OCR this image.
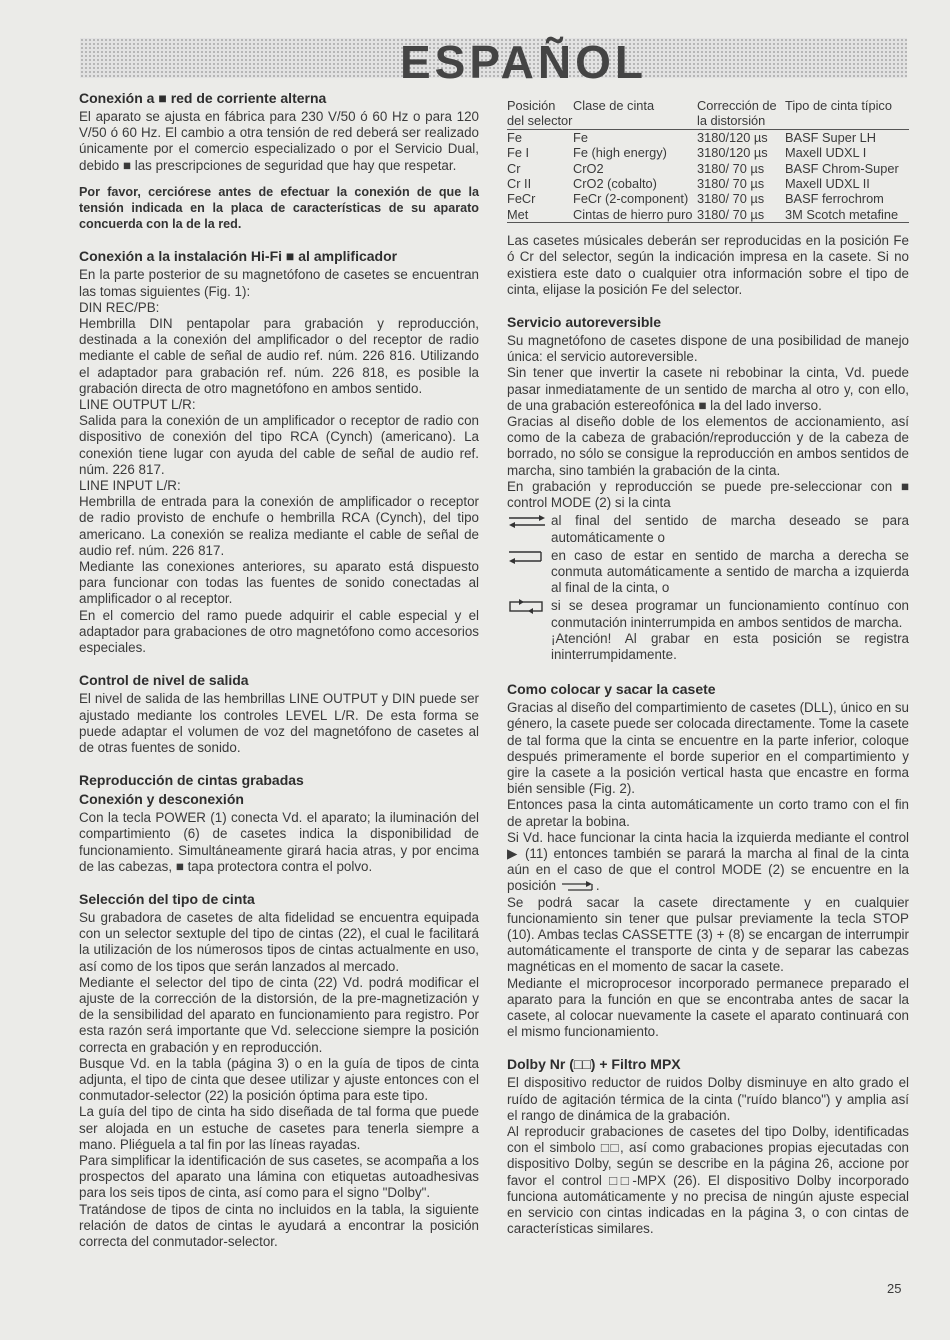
ESPAÑOL
Conexión a ■ red de corriente alterna

El aparato se ajusta en fábrica para 230 V/50 ó 60 Hz o para 120 V/50 ó 60 Hz. El cambio a otra tensión de red deberá ser realizado únicamente por el comercio especializado o por el Servicio Dual, debido ■ las prescripciones de seguridad que hay que respetar.

Por favor, cerciórese antes de efectuar la conexión de que la tensión indicada en la placa de características de su aparato concuerda con la de la red.

Conexión a la instalación Hi-Fi ■ al amplificador

En la parte posterior de su magnetófono de casetes se encuentran las tomas siguientes (Fig. 1):

DIN REC/PB:

Hembrilla DIN pentapolar para grabación y reproducción, destinada a la conexión del amplificador o del receptor de radio mediante el cable de señal de audio ref. núm. 226 816. Utilizando el adaptador para grabación ref. núm. 226 818, es posible la grabación directa de otro magnetófono en ambos sentido.

LINE OUTPUT L/R:

Salida para la conexión de un amplificador o receptor de radio con dispositivo de conexión del tipo RCA (Cynch) (americano). La conexión tiene lugar con ayuda del cable de señal de audio ref. núm. 226 817.

LINE INPUT L/R:

Hembrilla de entrada para la conexión de amplificador o receptor de radio provisto de enchufe o hembrilla RCA (Cynch), del tipo americano. La conexión se realiza mediante el cable de señal de audio ref. núm. 226 817.

Mediante las conexiones anteriores, su aparato está dispuesto para funcionar con todas las fuentes de sonido conectadas al amplificador o al receptor.

En el comercio del ramo puede adquirir el cable especial y el adaptador para grabaciones de otro magnetófono como accesorios especiales.

Control de nivel de salida

El nivel de salida de las hembrillas LINE OUTPUT y DIN puede ser ajustado mediante los controles LEVEL L/R. De esta forma se puede adaptar el volumen de voz del magnetófono de casetes al de otras fuentes de sonido.

Reproducción de cintas grabadas
Conexión y desconexión

Con la tecla POWER (1) conecta Vd. el aparato; la iluminación del compartimiento (6) de casetes indica la disponibilidad de funcionamiento. Simultáneamente girará hacia atras, y por encima de las cabezas, ■ tapa protectora contra el polvo.

Selección del tipo de cinta

Su grabadora de casetes de alta fidelidad se encuentra equipada con un selector sextuple del tipo de cintas (22), el cual le facilitará la utilización de los númerosos tipos de cintas actualmente en uso, así como de los tipos que serán lanzados al mercado.

Mediante el selector del tipo de cinta (22) Vd. podrá modificar el ajuste de la corrección de la distorsión, de la pre-magnetización y de la sensibilidad del aparato en funcionamiento para registro. Por esta razón será importante que Vd. seleccione siempre la posición correcta en grabación y en reproducción.

Busque Vd. en la tabla (página 3) o en la guía de tipos de cinta adjunta, el tipo de cinta que desee utilizar y ajuste entonces con el conmutador-selector (22) la posición óptima para este tipo.

La guía del tipo de cinta ha sido diseñada de tal forma que puede ser alojada en un estuche de casetes para tenerla siempre a mano. Pliéguela a tal fin por las líneas rayadas.

Para simplificar la identificación de sus casetes, se acompaña a los prospectos del aparato una lámina con etiquetas autoadhesivas para los seis tipos de cinta, así como para el signo "Dolby".

Tratándose de tipos de cinta no incluidos en la tabla, la siguiente relación de datos de cintas le ayudará a encontrar la posición correcta del conmutador-selector.

Posición del selector	Clase de cinta	Corrección de la distorsión	Tipo de cinta típico
Fe	Fe	3180/120 µs	BASF Super LH
Fe I	Fe (high energy)	3180/120 µs	Maxell UDXL I
Cr	CrO2	3180/ 70 µs	BASF Chrom-Super
Cr II	CrO2 (cobalto)	3180/ 70 µs	Maxell UDXL II
FeCr	FeCr (2-component)	3180/ 70 µs	BASF ferrochrom
Met	Cintas de hierro puro	3180/ 70 µs	3M Scotch metafine

Las casetes músicales deberán ser reproducidas en la posición Fe ó Cr del selector, según la indicación impresa en la casete. Si no existiera este dato o cualquier otra información sobre el tipo de cinta, elijase la posición Fe del selector.

Servicio autoreversible

Su magnetófono de casetes dispone de una posibilidad de manejo única: el servicio autoreversible.

Sin tener que invertir la casete ni rebobinar la cinta, Vd. puede pasar inmediatamente de un sentido de marcha al otro y, con ello, de una grabación estereofónica ■ la del lado inverso.

Gracias al diseño doble de los elementos de accionamiento, así como de la cabeza de grabación/reproducción y de la cabeza de borrado, no sólo se consigue la reproducción en ambos sentidos de marcha, sino también la grabación de la cinta.

En grabación y reproducción se puede pre-seleccionar con ■ control MODE (2) si la cinta

al final del sentido de marcha deseado se para automáticamente o

en caso de estar en sentido de marcha a derecha se conmuta automáticamente a sentido de marcha a izquierda al final de la cinta, o

si se desea programar un funcionamiento contínuo con conmutación ininterrumpida en ambos sentidos de marcha.

¡Atención! Al grabar en esta posición se registra ininterrumpidamente.

Como colocar y sacar la casete

Gracias al diseño del compartimiento de casetes (DLL), único en su género, la casete puede ser colocada directamente. Tome la casete de tal forma que la cinta se encuentre en la parte inferior, coloque después primeramente el borde superior en el compartimiento y gire la casete a la posición vertical hasta que encastre en forma bién sensible (Fig. 2).

Entonces pasa la cinta automáticamente un corto tramo con el fin de apretar la bobina.

Si Vd. hace funcionar la cinta hacia la izquierda mediante el control ▶ (11) entonces también se parará la marcha al final de la cinta aún en el caso de que el control MODE (2) se encuentre en la posición	.

Se podrá sacar la casete directamente y en cualquier funcionamiento sin tener que pulsar previamente la tecla STOP (10). Ambas teclas CASSETTE (3) + (8) se encargan de interrumpir automáticamente el transporte de cinta y de separar las cabezas magnéticas en el momento de sacar la casete.

Mediante el microprocesor incorporado permanece preparado el aparato para la función en que se encontraba antes de sacar la casete, al colocar nuevamente la casete el aparato continuará con el mismo funcionamiento.

Dolby Nr (□□) + Filtro MPX

El dispositivo reductor de ruidos Dolby disminuye en alto grado el ruído de agitación térmica de la cinta ("ruído blanco") y amplia así el rango de dinámica de la grabación.

Al reproducir grabaciones de casetes del tipo Dolby, identificadas con el simbolo □□, así como grabaciones propias ejecutadas con dispositivo Dolby, según se describe en la página 26, accione por favor el control □□-MPX (26). El dispositivo Dolby incorporado funciona automáticamente y no precisa de ningún ajuste especial en servicio con cintas indicadas en la página 3, o con cintas de características similares.

25
